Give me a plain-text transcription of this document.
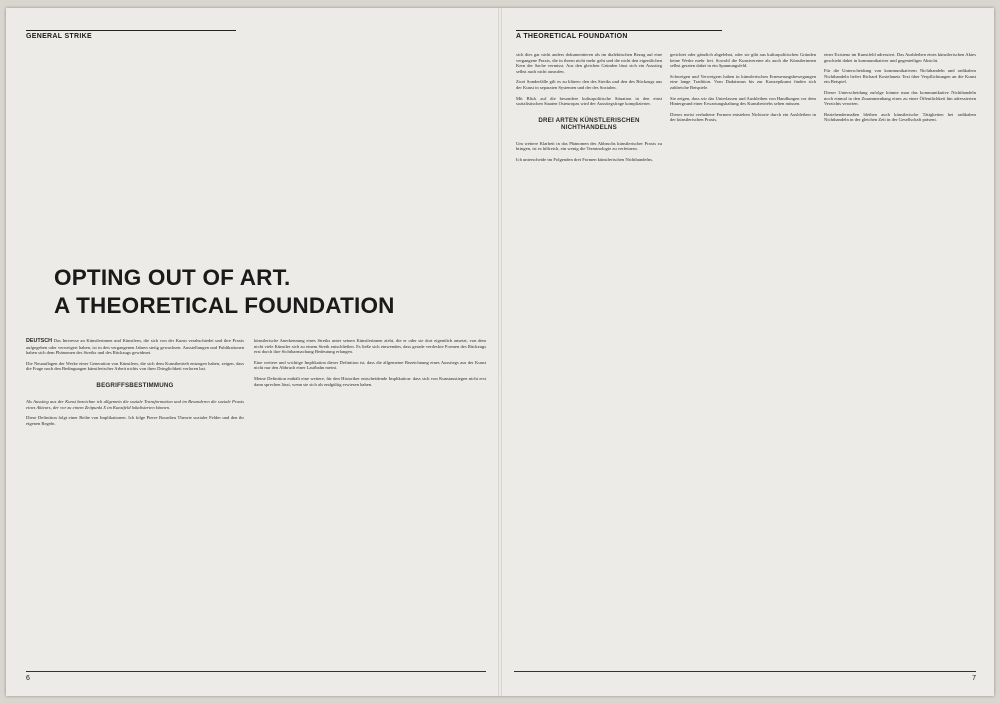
GENERAL STRIKE
OPTING OUT OF ART.
A THEORETICAL FOUNDATION

DEUTSCH Das Interesse an Künstlerinnen und Künstlern, die sich von der Kunst verabschiedet und ihre Praxis aufgegeben oder verweigert haben, ist in den vergangenen Jahren stetig gewachsen. Ausstellungen und Publikationen haben sich dem Phänomen des Streiks und des Rückzugs gewidmet.

Die Neuauflagen der Werke einer Generation von Künstlern, die sich dem Kunstbetrieb entzogen haben, zeigen, dass die Frage nach den Bedingungen künstlerischer Arbeit nichts von ihrer Dringlichkeit verloren hat.

BEGRIFFSBESTIMMUNG

Als Ausstieg aus der Kunst bezeichne ich allgemein die soziale Transformation und im Besonderen die soziale Praxis eines Akteurs, der vor zu einem Zeitpunkt X im Kunstfeld lokalisierten können.

Diese Definition folgt einer Reihe von Implikationen. Ich folge Pierre Bourdieu Theorie sozialer Felder und den ihr eigenen Regeln.

künstlerische Anerkennung eines Streiks unter seinen Künstlerinnen zieht, die er oder sie dort eigentlich ansetzt, von dem nicht viele Künstler sich zu einem Streik entschließen. Es ließe sich einwenden, dass gerade verdeckte Formen des Rückzugs erst durch ihre Sichtbarmachung Bedeutung erlangen.

Eine weitere und wichtige Implikation dieser Definition ist, dass die allgemeine Bezeichnung eines Ausstiegs aus der Kunst nicht nur den Abbruch einer Laufbahn meint.

Meine Definition enthält eine weitere, für den Historiker entscheidende Implikation: dass sich von Kunstaustiegen nicht erst dann sprechen lässt, wenn sie sich als endgültig erwiesen haben.

6
A THEORETICAL FOUNDATION

sich dies gar nicht anders dokumentieren als im dialektischen Bezug auf eine vergangene Praxis, die in ihrem nicht mehr geht und die nicht den eigentlichen Kern der Sache vermisst. Aus den gleichen Gründen lässt sich ein Ausstieg selbst auch nicht ausrufen.

Zwei Sonderfälle gilt es zu klären: den des Streiks und den des Rückzugs aus der Kunst in separaten Systemen und der des Sozialen.

Mit Blick auf die besondere kulturpolitische Situation in den einst sozialistischen Staaten Osteuropas wird der Ausstiegsfrage komplizierter.

DREI ARTEN KÜNSTLERISCHEN NICHTHANDELNS

Um weitere Klarheit in das Phänomen des Abbruchs künstlerischer Praxis zu bringen, ist es hilfreich, ein wenig die Terminologie zu verfeinern.

Ich unterscheide im Folgenden drei Formen künstlerischen Nichthandelns.

gerichtet oder gänzlich abgelehnt, oder sie gibt aus kulturpolitischen Gründen keine Werke mehr frei. Sowohl die Kunstvereine als auch die Künstlerinnen selbst geraten dabei in ein Spannungsfeld.

Schweigen und Verweigern haben in künstlerischen Erneuerungsbewegungen eine lange Tradition. Vom Dadaismus bis zur Konzeptkunst finden sich zahlreiche Beispiele.

Sie zeigen, dass wir das Unterlassen und Ausbleiben von Handlungen vor dem Hintergrund einer Erwartungshaltung des Kunstbetriebs sehen müssen.

Dieses meist verhaltene Formen entstehen Nichtorte durch ein Ausbleiben in der künstlerischen Praxis.

einer Existenz im Kunstfeld adressiert. Das Ausbleiben eines künstlerischen Aktes geschieht dabei in kommunikativer und gegenteiliger Absicht.

Für die Unterscheidung von kommunikativem Nichthandeln und radikalem Nichthandeln liefert Richard Kostelanetz Text über Verpflichtungen an die Kunst ein Beispiel.

Dieser Unterscheidung zufolge könnte man das kommunikative Nichthandeln noch einmal in den Zusammenhang eines zu einer Öffentlichkeit hin adressierten Verzichts verorten.

Beziehendermaßen bleiben auch künstlerische Tätigkeiten bei radikalem Nichthandeln in der gleichen Zeit in der Gesellschaft präsent.

7
